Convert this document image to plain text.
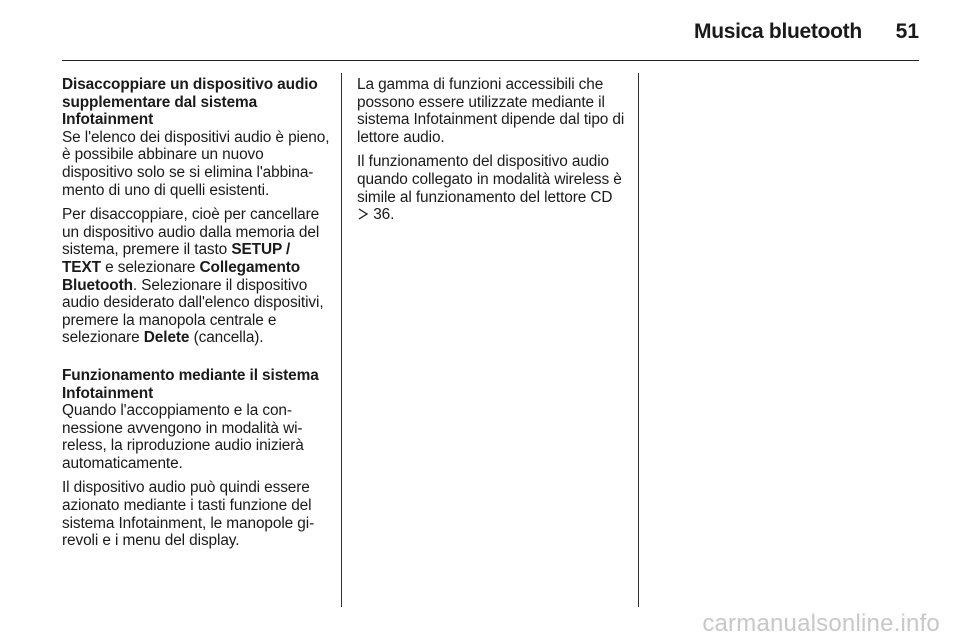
Musica bluetooth 51
Disaccoppiare un dispositivo audio supplementare dal sistema Infotainment

Se l'elenco dei dispositivi audio è pieno, è possibile abbinare un nuovo dispositivo solo se si elimina l'abbinamento di uno di quelli esistenti.

Per disaccoppiare, cioè per cancellare un dispositivo audio dalla memoria del sistema, premere il tasto SETUP / TEXT e selezionare Collegamento Bluetooth. Selezionare il dispositivo audio desiderato dall'elenco dispositivi, premere la manopola centrale e selezionare Delete (cancella).

Funzionamento mediante il sistema Infotainment

Quando l'accoppiamento e la connessione avvengono in modalità wireless, la riproduzione audio inizierà automaticamente.

Il dispositivo audio può quindi essere azionato mediante i tasti funzione del sistema Infotainment, le manopole girevoli e i menu del display.

La gamma di funzioni accessibili che possono essere utilizzate mediante il sistema Infotainment dipende dal tipo di lettore audio.

Il funzionamento del dispositivo audio quando collegato in modalità wireless è simile al funzionamento del lettore CD  36.

carmanualsonline.info
